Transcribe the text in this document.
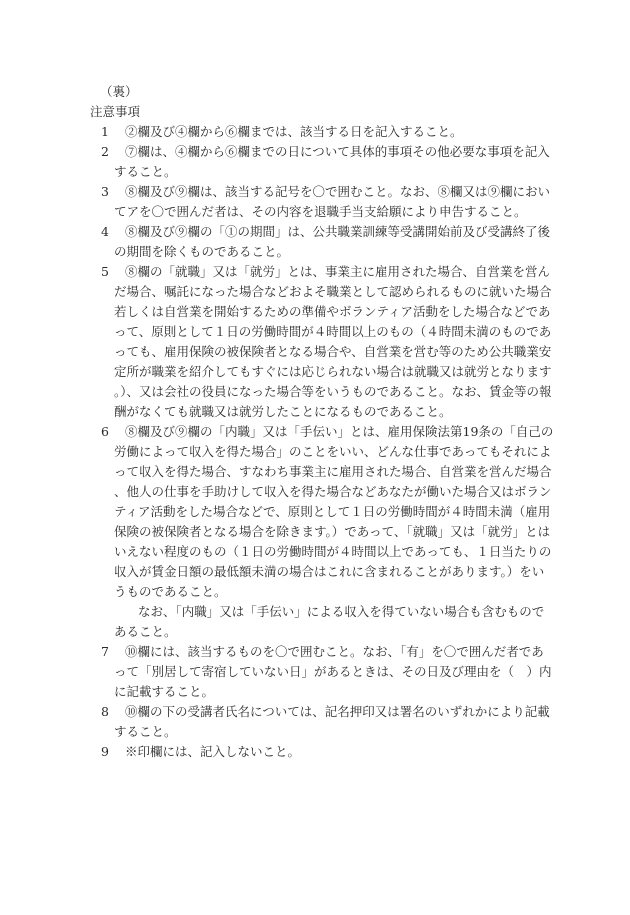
（裏）
注意事項
1	②欄及び④欄から⑥欄までは、該当する日を記入すること。
2	⑦欄は、④欄から⑥欄までの日について具体的事項その他必要な事項を記入すること。
3	⑧欄及び⑨欄は、該当する記号を〇で囲むこと。なお、⑧欄又は⑨欄においてアを〇で囲んだ者は、その内容を退職手当支給願により申告すること。
4	⑧欄及び⑨欄の「①の期間」は、公共職業訓練等受講開始前及び受講終了後の期間を除くものであること。
5	⑧欄の「就職」又は「就労」とは、事業主に雇用された場合、自営業を営んだ場合、嘱託になった場合などおよそ職業として認められるものに就いた場合若しくは自営業を開始するための準備やボランティア活動をした場合などであって、原則として１日の労働時間が４時間以上のもの（４時間未満のものであっても、雇用保険の被保険者となる場合や、自営業を営む等のため公共職業安定所が職業を紹介してもすぐには応じられない場合は就職又は就労となります。）、又は会社の役員になった場合等をいうものであること。なお、賃金等の報酬がなくても就職又は就労したことになるものであること。
6	⑧欄及び⑨欄の「内職」又は「手伝い」とは、雇用保険法第19条の「自己の労働によって収入を得た場合」のことをいい、どんな仕事であってもそれによって収入を得た場合、すなわち事業主に雇用された場合、自営業を営んだ場合、他人の仕事を手助けして収入を得た場合などあなたが働いた場合又はボランティア活動をした場合などで、原則として１日の労働時間が４時間未満（雇用保険の被保険者となる場合を除きます。）であって、「就職」又は「就労」とはいえない程度のもの（１日の労働時間が４時間以上であっても、１日当たりの収入が賃金日額の最低額未満の場合はこれに含まれることがあります。）をいうものであること。
なお、「内職」又は「手伝い」による収入を得ていない場合も含むものであること。
7	⑩欄には、該当するものを〇で囲むこと。なお、「有」を〇で囲んだ者であって「別居して寄宿していない日」があるときは、その日及び理由を（　）内に記載すること。
8	⑩欄の下の受講者氏名については、記名押印又は署名のいずれかにより記載すること。
9	※印欄には、記入しないこと。
